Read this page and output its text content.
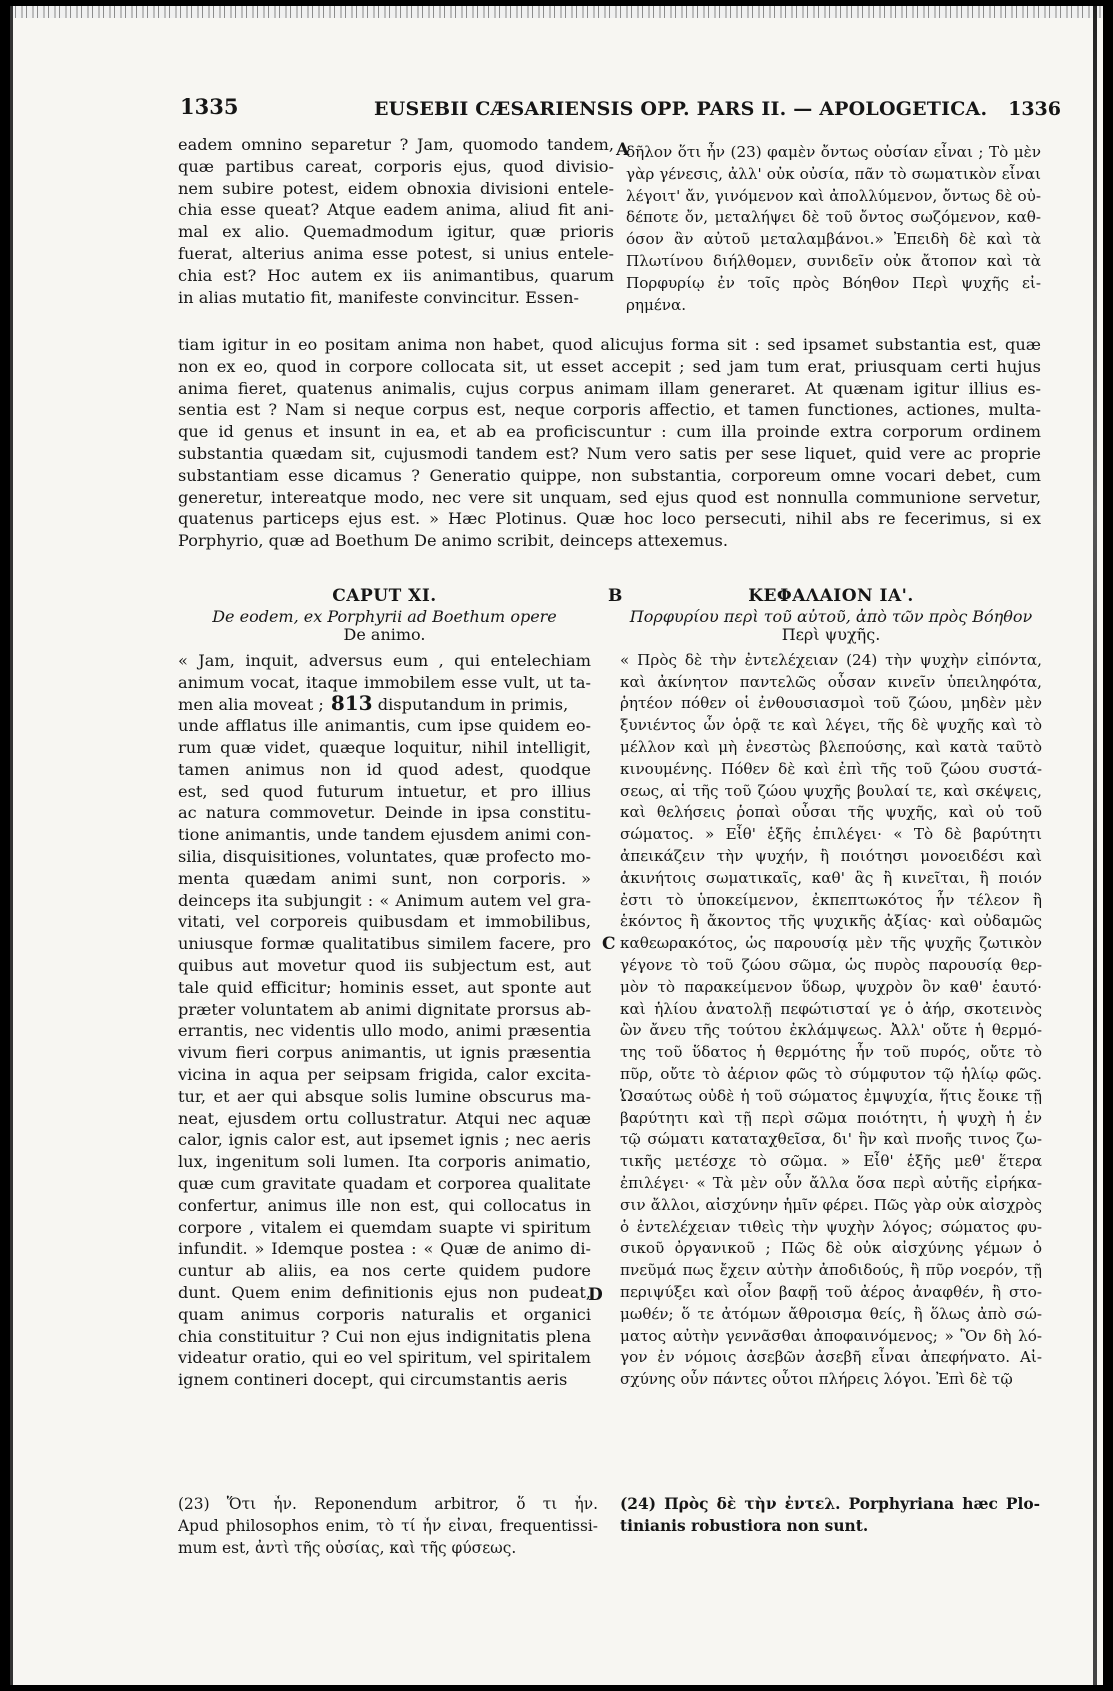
1335	EUSEBII CÆSARIENSIS OPP. PARS II. — APOLOGETICA. 1336
A
B
C
D
eadem omnino separetur ? Jam, quomodo tandem,
quæ partibus careat, corporis ejus, quod divisio-
nem subire potest, eidem obnoxia divisioni entele-
chia esse queat? Atque eadem anima, aliud fit ani-
mal ex alio. Quemadmodum igitur, quæ prioris
fuerat, alterius anima esse potest, si unius entele-
chia est? Hoc autem ex iis animantibus, quarum
in alias mutatio fit, manifeste convincitur. Essen-
δῆλον ὅτι ἦν (23) φαμὲν ὄντως οὐσίαν εἶναι ; Τὸ μὲν
γὰρ γένεσις, ἀλλ' οὐκ οὐσία, πᾶν τὸ σωματικὸν εἶναι
λέγοιτ' ἄν, γινόμενον καὶ ἀπολλύμενον, ὄντως δὲ οὐ-
δέποτε ὄν, μεταλήψει δὲ τοῦ ὄντος σωζόμενον, καθ-
όσον ἂν αὐτοῦ μεταλαμβάνοι.» Ἐπειδὴ δὲ καὶ τὰ
Πλωτίνου διήλθομεν, συνιδεῖν οὐκ ἄτοπον καὶ τὰ
Πορφυρίῳ ἐν τοῖς πρὸς Βόηθον Περὶ ψυχῆς εἰ-
ρημένα.
tiam igitur in eo positam anima non habet, quod alicujus forma sit : sed ipsamet substantia est, quæ
non ex eo, quod in corpore collocata sit, ut esset accepit ; sed jam tum erat, priusquam certi hujus
anima fieret, quatenus animalis, cujus corpus animam illam generaret. At quænam igitur illius es-
sentia est ? Nam si neque corpus est, neque corporis affectio, et tamen functiones, actiones, multa-
que id genus et insunt in ea, et ab ea proficiscuntur : cum illa proinde extra corporum ordinem
substantia quædam sit, cujusmodi tandem est? Num vero satis per sese liquet, quid vere ac proprie
substantiam esse dicamus ? Generatio quippe, non substantia, corporeum omne vocari debet, cum
generetur, intereatque modo, nec vere sit unquam, sed ejus quod est nonnulla communione servetur,
quatenus particeps ejus est. » Hæc Plotinus. Quæ hoc loco persecuti, nihil abs re fecerimus, si ex
Porphyrio, quæ ad Boethum De animo scribit, deinceps attexemus.
CAPUT XI.
De eodem, ex Porphyrii ad Boethum opere
De animo.
« Jam, inquit, adversus eum , qui entelechiam
animum vocat, itaque immobilem esse vult, ut ta-
men alia moveat ; 813 disputandum in primis,
unde afflatus ille animantis, cum ipse quidem eo-
rum quæ videt, quæque loquitur, nihil intelligit,
tamen animus non id quod adest, quodque
est, sed quod futurum intuetur, et pro illius
ac natura commovetur. Deinde in ipsa constitu-
tione animantis, unde tandem ejusdem animi con-
silia, disquisitiones, voluntates, quæ profecto mo-
menta quædam animi sunt, non corporis. »
deinceps ita subjungit : « Animum autem vel gra-
vitati, vel corporeis quibusdam et immobilibus,
uniusque formæ qualitatibus similem facere, pro
quibus aut movetur quod iis subjectum est, aut
tale quid efficitur; hominis esset, aut sponte aut
præter voluntatem ab animi dignitate prorsus ab-
errantis, nec videntis ullo modo, animi præsentia
vivum fieri corpus animantis, ut ignis præsentia
vicina in aqua per seipsam frigida, calor excita-
tur, et aer qui absque solis lumine obscurus ma-
neat, ejusdem ortu collustratur. Atqui nec aquæ
calor, ignis calor est, aut ipsemet ignis ; nec aeris
lux, ingenitum soli lumen. Ita corporis animatio,
quæ cum gravitate quadam et corporea qualitate
confertur, animus ille non est, qui collocatus in
corpore , vitalem ei quemdam suapte vi spiritum
infundit. » Idemque postea : « Quæ de animo di-
cuntur ab aliis, ea nos certe quidem pudore
dunt. Quem enim definitionis ejus non pudeat,
quam animus corporis naturalis et organici
chia constituitur ? Cui non ejus indignitatis plena
videatur oratio, qui eo vel spiritum, vel spiritalem
ignem contineri docept, qui circumstantis aeris
ΚΕΦΑΛΑΙΟΝ ΙΑ'.
Πορφυρίου περὶ τοῦ αὐτοῦ, ἀπὸ τῶν πρὸς Βόηθον
Περὶ ψυχῆς.
« Πρὸς δὲ τὴν ἐντελέχειαν (24) τὴν ψυχὴν εἰπόντα,
καὶ ἀκίνητον παντελῶς οὖσαν κινεῖν ὑπειληφότα,
ῥητέον πόθεν οἱ ἐνθουσιασμοὶ τοῦ ζώου, μηδὲν μὲν
ξυνιέντος ὧν ὁρᾷ τε καὶ λέγει, τῆς δὲ ψυχῆς καὶ τὸ
μέλλον καὶ μὴ ἐνεστὼς βλεπούσης, καὶ κατὰ ταῦτὸ
κινουμένης. Πόθεν δὲ καὶ ἐπὶ τῆς τοῦ ζώου συστά-
σεως, αἱ τῆς τοῦ ζώου ψυχῆς βουλαί τε, καὶ σκέψεις,
καὶ θελήσεις ῥοπαὶ οὖσαι τῆς ψυχῆς, καὶ οὐ τοῦ
σώματος. » Εἶθ' ἑξῆς ἐπιλέγει· « Τὸ δὲ βαρύτητι
ἀπεικάζειν τὴν ψυχήν, ἢ ποιότησι μονοειδέσι καὶ
ἀκινήτοις σωματικαῖς, καθ' ἃς ἢ κινεῖται, ἢ ποιόν
ἐστι τὸ ὑποκείμενον, ἐκπεπτωκότος ἦν τέλεον ἢ
ἑκόντος ἢ ἄκοντος τῆς ψυχικῆς ἀξίας· καὶ οὐδαμῶς
καθεωρακότος, ὡς παρουσίᾳ μὲν τῆς ψυχῆς ζωτικὸν
γέγονε τὸ τοῦ ζώου σῶμα, ὡς πυρὸς παρουσίᾳ θερ-
μὸν τὸ παρακείμενον ὕδωρ, ψυχρὸν ὂν καθ' ἑαυτό·
καὶ ἡλίου ἀνατολῇ πεφώτισταί γε ὁ ἀήρ, σκοτεινὸς
ὢν ἄνευ τῆς τούτου ἐκλάμψεως. Ἀλλ' οὔτε ἡ θερμό-
της τοῦ ὕδατος ἡ θερμότης ἦν τοῦ πυρός, οὔτε τὸ
πῦρ, οὔτε τὸ ἀέριον φῶς τὸ σύμφυτον τῷ ἡλίῳ φῶς.
Ὡσαύτως οὐδὲ ἡ τοῦ σώματος ἐμψυχία, ἥτις ἔοικε τῇ
βαρύτητι καὶ τῇ περὶ σῶμα ποιότητι, ἡ ψυχὴ ἡ ἐν
τῷ σώματι καταταχθεῖσα, δι' ἣν καὶ πνοῆς τινος ζω-
τικῆς μετέσχε τὸ σῶμα. » Εἶθ' ἑξῆς μεθ' ἕτερα
ἐπιλέγει· « Τὰ μὲν οὖν ἄλλα ὅσα περὶ αὐτῆς εἰρήκα-
σιν ἄλλοι, αἰσχύνην ἡμῖν φέρει. Πῶς γὰρ οὐκ αἰσχρὸς
ὁ ἐντελέχειαν τιθεὶς τὴν ψυχὴν λόγος; σώματος φυ-
σικοῦ ὀργανικοῦ ; Πῶς δὲ οὐκ αἰσχύνης γέμων ὁ
πνεῦμά πως ἔχειν αὐτὴν ἀποδιδούς, ἢ πῦρ νοερόν, τῇ
περιψύξει καὶ οἷον βαφῇ τοῦ ἀέρος ἀναφθέν, ἢ στο-
μωθέν; ὅ τε ἀτόμων ἄθροισμα θείς, ἢ ὅλως ἀπὸ σώ-
ματος αὐτὴν γεννᾶσθαι ἀποφαινόμενος; » Ὃν δὴ λό-
γον ἐν νόμοις ἀσεβῶν ἀσεβῆ εἶναι ἀπεφήνατο. Αἰ-
σχύνης οὖν πάντες οὗτοι πλήρεις λόγοι. Ἐπὶ δὲ τῷ
(23) Ὅτι ἦν. Reponendum arbitror, ὅ τι ἦν.
Apud philosophos enim, τὸ τί ἦν εἶναι, frequentissi-
mum est, ἀντὶ τῆς οὐσίας, καὶ τῆς φύσεως.
(24) Πρὸς δὲ τὴν ἐντελ. Porphyriana hæc Plo-
tinianis robustiora non sunt.
